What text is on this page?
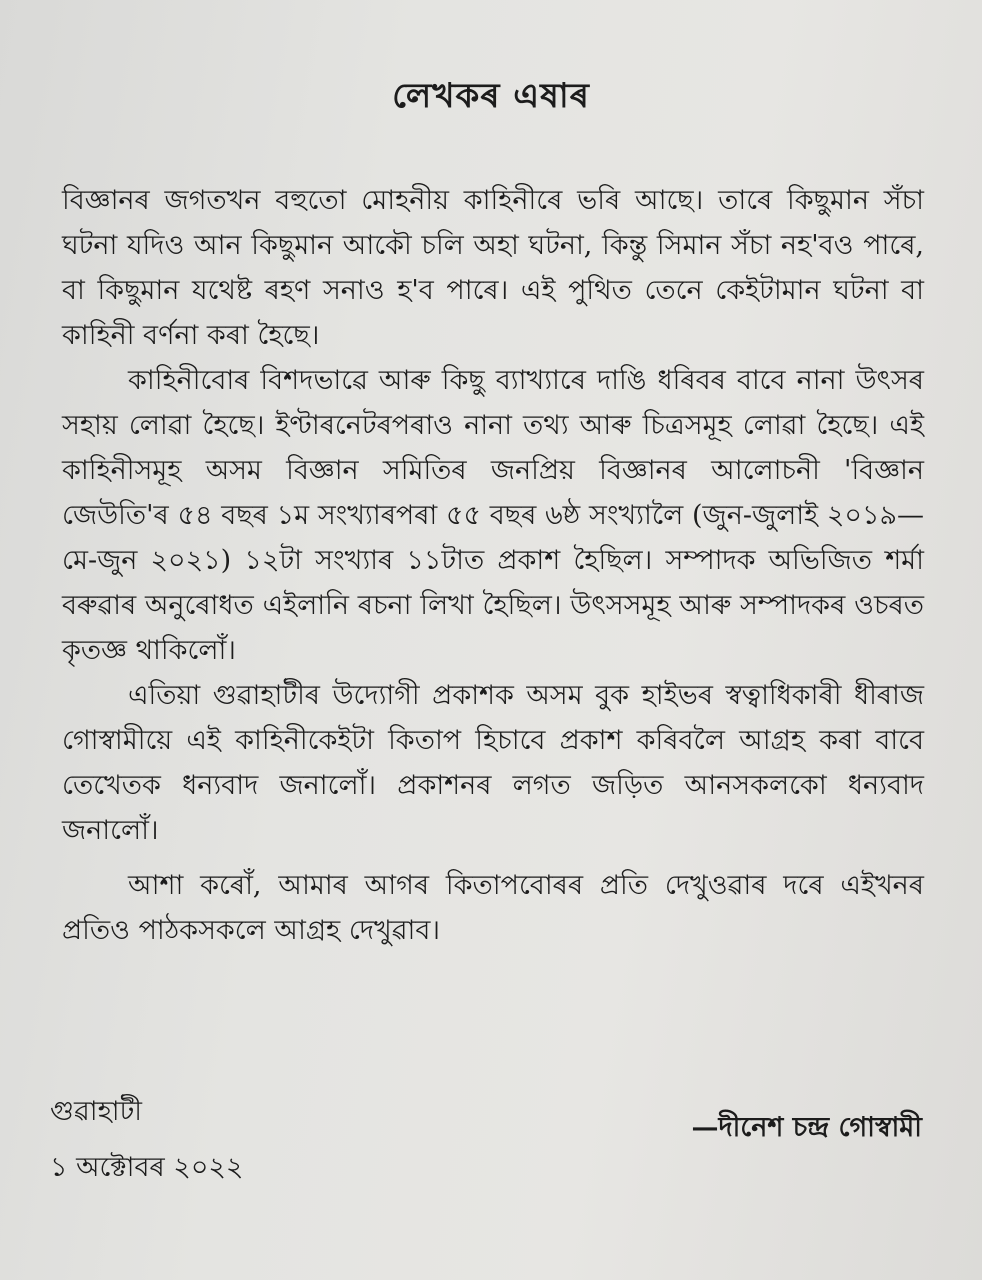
লেখকৰ এষাৰ

বিজ্ঞানৰ জগতখন বহুতো মোহনীয় কাহিনীৰে ভৰি আছে। তাৰে কিছুমান সঁচা ঘটনা যদিও আন কিছুমান আকৌ চলি অহা ঘটনা, কিন্তু সিমান সঁচা নহ'বও পাৰে, বা কিছুমান যথেষ্ট ৰহণ সনাও হ'ব পাৰে। এই পুথিত তেনে কেইটামান ঘটনা বা কাহিনী বৰ্ণনা কৰা হৈছে।

কাহিনীবোৰ বিশদভাৱে আৰু কিছু ব্যাখ্যাৰে দাঙি ধৰিবৰ বাবে নানা উৎসৰ সহায় লোৱা হৈছে। ইণ্টাৰনেটৰপৰাও নানা তথ্য আৰু চিত্ৰসমূহ লোৱা হৈছে। এই কাহিনীসমূহ অসম বিজ্ঞান সমিতিৰ জনপ্ৰিয় বিজ্ঞানৰ আলোচনী 'বিজ্ঞান জেউতি'ৰ ৫৪ বছৰ ১ম সংখ্যাৰপৰা ৫৫ বছৰ ৬ষ্ঠ সংখ্যালৈ (জুন-জুলাই ২০১৯—মে-জুন ২০২১) ১২টা সংখ্যাৰ ১১টাত প্ৰকাশ হৈছিল। সম্পাদক অভিজিত শৰ্মা বৰুৱাৰ অনুৰোধত এইলানি ৰচনা লিখা হৈছিল। উৎসসমূহ আৰু সম্পাদকৰ ওচৰত কৃতজ্ঞ থাকিলোঁ।

এতিয়া গুৱাহাটীৰ উদ্যোগী প্ৰকাশক অসম বুক হাইভৰ স্বত্বাধিকাৰী ধীৰাজ গোস্বামীয়ে এই কাহিনীকেইটা কিতাপ হিচাবে প্ৰকাশ কৰিবলৈ আগ্ৰহ কৰা বাবে তেখেতক ধন্যবাদ জনালোঁ। প্ৰকাশনৰ লগত জড়িত আনসকলকো ধন্যবাদ জনালোঁ।

আশা কৰোঁ, আমাৰ আগৰ কিতাপবোৰৰ প্ৰতি দেখুওৱাৰ দৰে এইখনৰ প্ৰতিও পাঠকসকলে আগ্ৰহ দেখুৱাব।

গুৱাহাটী
১ অক্টোবৰ ২০২২
—দীনেশ চন্দ্ৰ গোস্বামী
